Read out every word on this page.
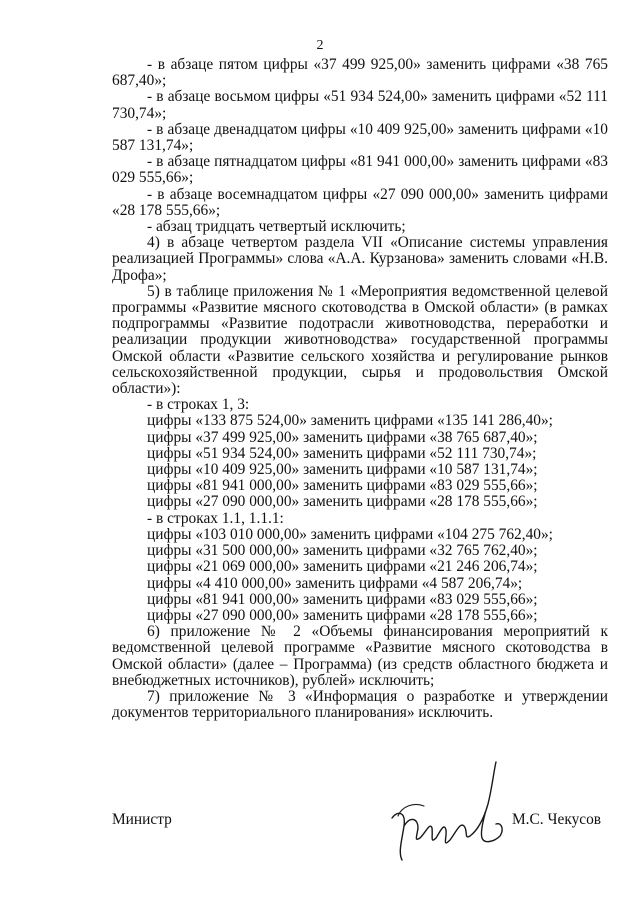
2

- в абзаце пятом цифры «37 499 925,00» заменить цифрами «38 765 687,40»;

- в абзаце восьмом цифры «51 934 524,00» заменить цифрами «52 111 730,74»;

- в абзаце двенадцатом цифры «10 409 925,00» заменить цифрами «10 587 131,74»;

- в абзаце пятнадцатом цифры «81 941 000,00» заменить цифрами «83 029 555,66»;

- в абзаце восемнадцатом цифры «27 090 000,00» заменить цифрами «28 178 555,66»;

- абзац тридцать четвертый исключить;

4) в абзаце четвертом раздела VII «Описание системы управления реализацией Программы» слова «А.А. Курзанова» заменить словами «Н.В. Дрофа»;

5) в таблице приложения № 1 «Мероприятия ведомственной целевой программы «Развитие мясного скотоводства в Омской области» (в рамках подпрограммы «Развитие подотрасли животноводства, переработки и реализации продукции животноводства» государственной программы Омской области «Развитие сельского хозяйства и регулирование рынков сельскохозяйственной продукции, сырья и продовольствия Омской области»):

- в строках 1, 3:

цифры «133 875 524,00» заменить цифрами «135 141 286,40»;

цифры «37 499 925,00» заменить цифрами «38 765 687,40»;

цифры «51 934 524,00» заменить цифрами «52 111 730,74»;

цифры «10 409 925,00» заменить цифрами «10 587 131,74»;

цифры «81 941 000,00» заменить цифрами «83 029 555,66»;

цифры «27 090 000,00» заменить цифрами «28 178 555,66»;

- в строках 1.1, 1.1.1:

цифры «103 010 000,00» заменить цифрами «104 275 762,40»;

цифры «31 500 000,00» заменить цифрами «32 765 762,40»;

цифры «21 069 000,00» заменить цифрами «21 246 206,74»;

цифры «4 410 000,00» заменить цифрами «4 587 206,74»;

цифры «81 941 000,00» заменить цифрами «83 029 555,66»;

цифры «27 090 000,00» заменить цифрами «28 178 555,66»;

6) приложение № 2 «Объемы финансирования мероприятий к ведомственной целевой программе «Развитие мясного скотоводства в Омской области» (далее – Программа) (из средств областного бюджета и внебюджетных источников), рублей» исключить;

7) приложение № 3 «Информация о разработке и утверждении документов территориального планирования» исключить.

Министр	М.С. Чекусов
